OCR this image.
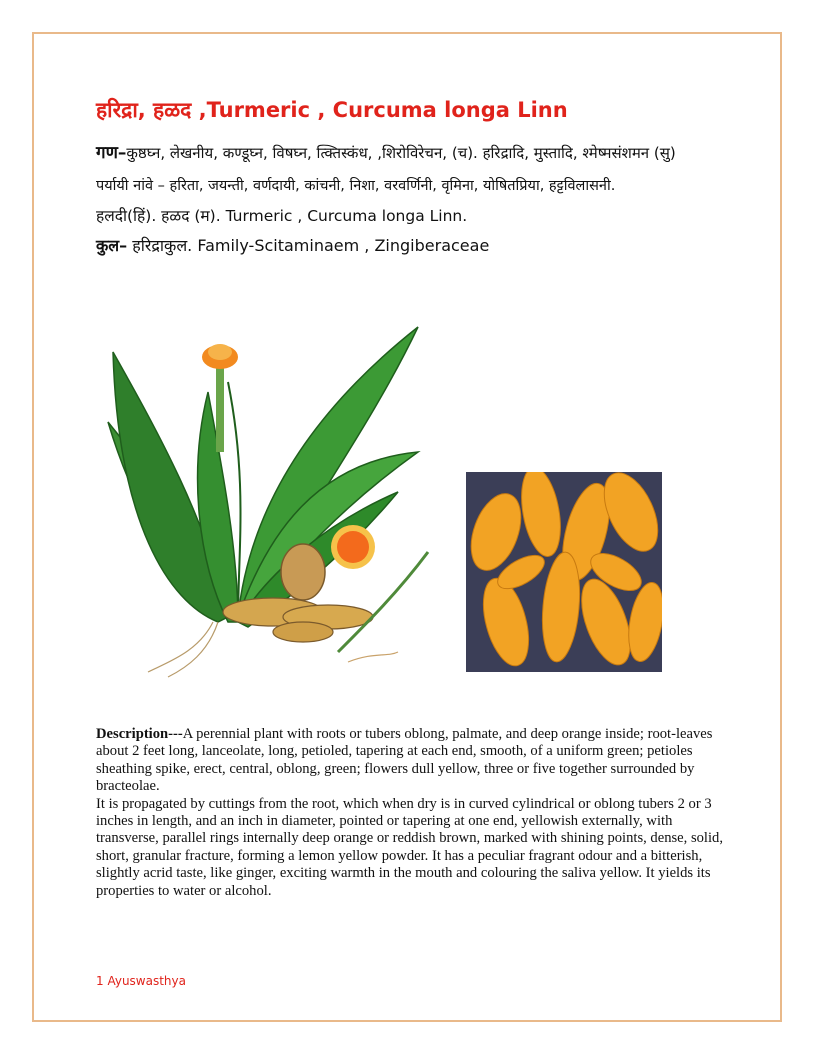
हरिद्रा, हळद ,Turmeric , Curcuma longa Linn

गण–कुष्ठघ्न, लेखनीय, कण्डूघ्न, विषघ्न, त्क्तिस्कंध, ,शिरोविरेचन, (च). हरिद्रादि, मुस्तादि, श्मेष्मसंशमन (सु)

पर्यायी नांवे – हरिता, जयन्ती, वर्णदायी, कांचनी, निशा, वरवर्णिनी, वृमिना, योषितप्रिया, हट्टविलासनी.

हलदी(हिं). हळद (म). Turmeric , Curcuma longa Linn.

कुल– हरिद्राकुल. Family-Scitaminaem , Zingiberaceae

Description---A perennial plant with roots or tubers oblong, palmate, and deep orange inside; root-leaves about 2 feet long, lanceolate, long, petioled, tapering at each end, smooth, of a uniform green; petioles sheathing spike, erect, central, oblong, green; flowers dull yellow, three or five together surrounded by bracteolae.

It is propagated by cuttings from the root, which when dry is in curved cylindrical or oblong tubers 2 or 3 inches in length, and an inch in diameter, pointed or tapering at one end, yellowish externally, with transverse, parallel rings internally deep orange or reddish brown, marked with shining points, dense, solid, short, granular fracture, forming a lemon yellow powder. It has a peculiar fragrant odour and a bitterish, slightly acrid taste, like ginger, exciting warmth in the mouth and colouring the saliva yellow. It yields its properties to water or alcohol.

1 Ayuswasthya
